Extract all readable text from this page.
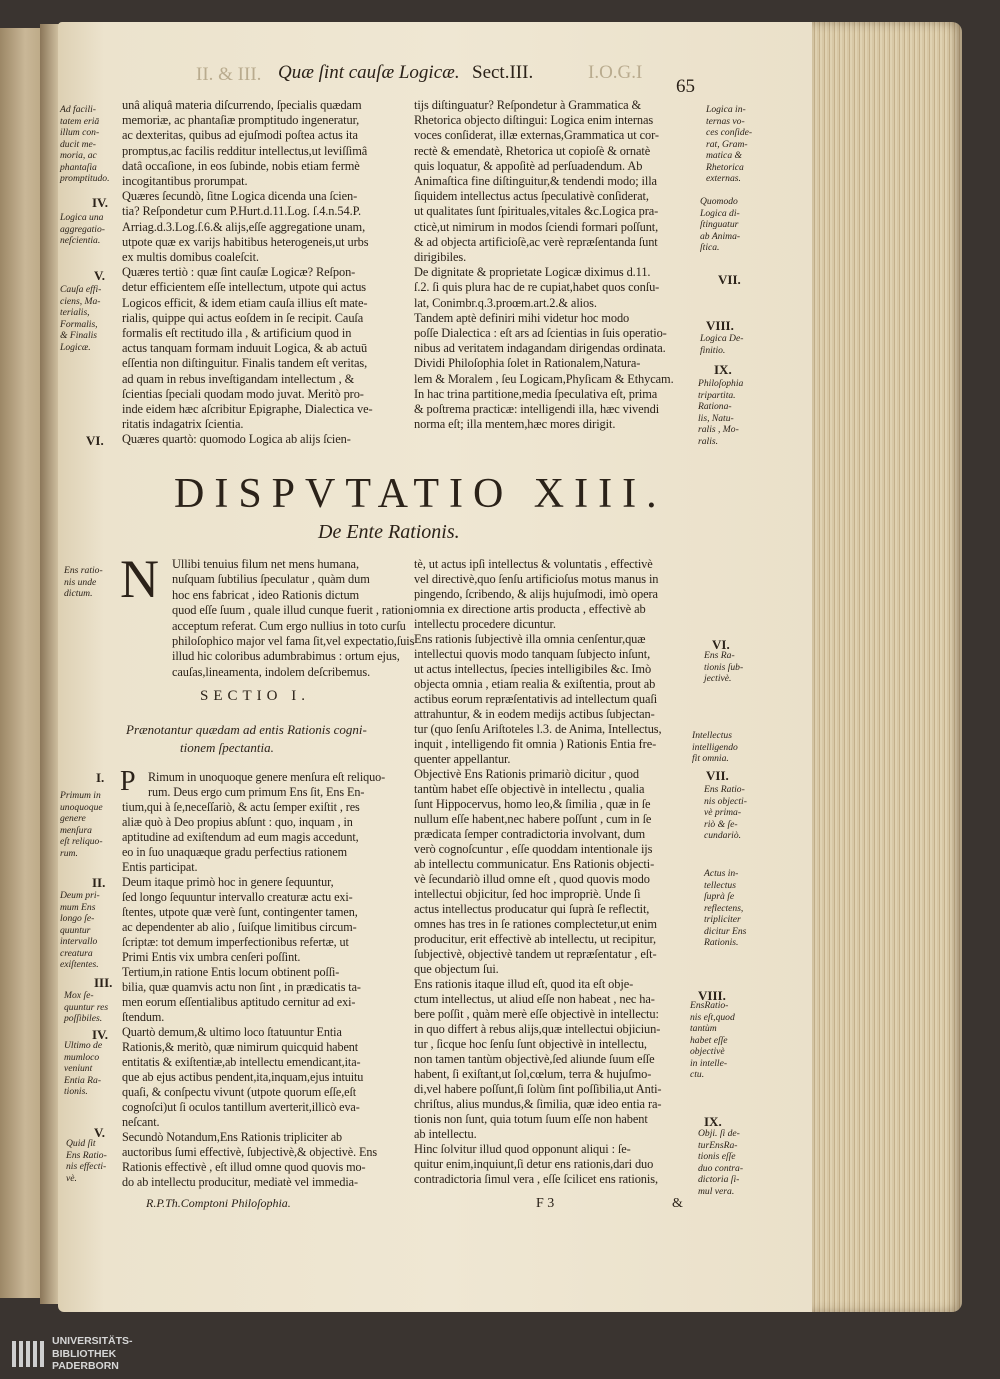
II. & III. Quæ ſint cauſæ Logicæ. Sect.III.	I.O.G.I
65
unâ aliquâ materia diſcurrendo, ſpecialis quædam
memoriæ, ac phantaſiæ promptitudo ingeneratur,
ac dexteritas, quibus ad ejuſmodi poſtea actus ita
promptus,ac facilis redditur intellectus,ut leviſſimâ
datâ occaſione, in eos ſubinde, nobis etiam fermè
incogitantibus prorumpat.
Quæres ſecundò, ſitne Logica dicenda una ſcien-
tia? Reſpondetur cum P.Hurt.d.11.Log. ſ.4.n.54.P.
Arriag.d.3.Log.ſ.6.& alijs,eſſe aggregatione unam,
utpote quæ ex varijs habitibus heterogeneis,ut urbs
ex multis domibus coaleſcit.
Quæres tertiò : quæ ſint cauſæ Logicæ? Reſpon-
detur efficientem eſſe intellectum, utpote qui actus
Logicos efficit, & idem etiam cauſa illius eſt mate-
rialis, quippe qui actus eoſdem in ſe recipit. Cauſa
formalis eſt rectitudo illa , & artificium quod in
actus tanquam formam induuit Logica, & ab actuū
eſſentia non diſtinguitur. Finalis tandem eſt veritas,
ad quam in rebus inveſtigandam intellectum , &
ſcientias ſpeciali quodam modo juvat. Meritò pro-
inde eidem hæc aſcribitur Epigraphe, Dialectica ve-
ritatis indagatrix ſcientia.
Quæres quartò: quomodo Logica ab alijs ſcien-
tijs diſtinguatur? Reſpondetur à Grammatica &
Rhetorica objecto diſtingui: Logica enim internas
voces conſiderat, illæ externas,Grammatica ut cor-
rectè & emendatè, Rhetorica ut copioſè & ornatè
quis loquatur, & appoſitè ad perſuadendum. Ab
Animaſtica fine diſtinguitur,& tendendi modo; illa
ſiquidem intellectus actus ſpeculativè conſiderat,
ut qualitates ſunt ſpirituales,vitales &c.Logica pra-
cticè,ut nimirum in modos ſciendi formari poſſunt,
& ad objecta artificioſè,ac verè repræſentanda ſunt
dirigibiles.
De dignitate & proprietate Logicæ diximus d.11.
ſ.2. ſi quis plura hac de re cupiat,habet quos conſu-
lat, Conimbr.q.3.proœm.art.2.& alios.
Tandem aptè definiri mihi videtur hoc modo
poſſe Dialectica : eſt ars ad ſcientias in ſuis operatio-
nibus ad veritatem indagandam dirigendas ordinata.
Dividi Philoſophia ſolet in Rationalem,Natura-
lem & Moralem , ſeu Logicam,Phyſicam & Ethycam.
In hac trina partitione,media ſpeculativa eſt, prima
& poſtrema practicæ: intelligendi illa, hæc vivendi
norma eſt; illa mentem,hæc mores dirigit.
DISPVTATIO XIII.
De Ente Rationis.
N Ullibi tenuius filum net mens humana,
nuſquam ſubtilius ſpeculatur , quàm dum
hoc ens fabricat , ideo Rationis dictum
quod eſſe ſuum , quale illud cunque fuerit , rationi
acceptum referat. Cum ergo nullius in toto curſu
philoſophico major vel fama ſit,vel expectatio,ſuis
illud hic coloribus adumbrabimus : ortum ejus,
cauſas,lineamenta, indolem deſcribemus.
SECTIO I.
Prænotantur quædam ad entis Rationis cogni-
tionem ſpectantia.
P Rimum in unoquoque genere menſura eſt reliquo-
rum. Deus ergo cum primum Ens ſit, Ens En-
tium,qui à ſe,neceſſariò, & actu ſemper exiſtit , res
aliæ quò à Deo propius abſunt : quo, inquam , in
aptitudine ad exiſtendum ad eum magis accedunt,
eo in ſuo unaquæque gradu perfectius rationem
Entis participat.
Deum itaque primò hoc in genere ſequuntur,
ſed longo ſequuntur intervallo creaturæ actu exi-
ſtentes, utpote quæ verè ſunt, contingenter tamen,
ac dependenter ab alio , ſuiſque limitibus circum-
ſcriptæ: tot demum imperfectionibus refertæ, ut
Primi Entis vix umbra cenſeri poſſint.
Tertium,in ratione Entis locum obtinent poſſi-
bilia, quæ quamvis actu non ſint , in prædicatis ta-
men eorum eſſentialibus aptitudo cernitur ad exi-
ſtendum.
Quartò demum,& ultimo loco ſtatuuntur Entia
Rationis,& meritò, quæ nimirum quicquid habent
entitatis & exiſtentiæ,ab intellectu emendicant,ita-
que ab ejus actibus pendent,ita,inquam,ejus intuitu
quaſi, & conſpectu vivunt (utpote quorum eſſe,eſt
cognoſci)ut ſi oculos tantillum averterit,illicò eva-
neſcant.
Secundò Notandum,Ens Rationis tripliciter ab
auctoribus ſumi effectivè, ſubjectivè,& objectivè. Ens
Rationis effectivè , eſt illud omne quod quovis mo-
do ab intellectu producitur, mediatè vel immedia-
tè, ut actus ipſi intellectus & voluntatis , effectivè
vel directivè,quo ſenſu artificioſus motus manus in
pingendo, ſcribendo, & alijs hujuſmodi, imò opera
omnia ex directione artis producta , effectivè ab
intellectu procedere dicuntur.
Ens rationis ſubjectivè illa omnia cenſentur,quæ
intellectui quovis modo tanquam ſubjecto inſunt,
ut actus intellectus, ſpecies intelligibiles &c. Imò
objecta omnia , etiam realia & exiſtentia, prout ab
actibus eorum repræſentativis ad intellectum quaſi
attrahuntur, & in eodem medijs actibus ſubjectan-
tur (quo ſenſu Ariſtoteles l.3. de Anima, Intellectus,
inquit , intelligendo fit omnia ) Rationis Entia fre-
quenter appellantur.
Objectivè Ens Rationis primariò dicitur , quod
tantùm habet eſſe objectivè in intellectu , qualia
ſunt Hippocervus, homo leo,& ſimilia , quæ in ſe
nullum eſſe habent,nec habere poſſunt , cum in ſe
prædicata ſemper contradictoria involvant, dum
verò cognoſcuntur , eſſe quoddam intentionale ijs
ab intellectu communicatur. Ens Rationis objecti-
vè ſecundariò illud omne eſt , quod quovis modo
intellectui objicitur, ſed hoc impropriè. Unde ſi
actus intellectus producatur qui ſuprà ſe reflectit,
omnes has tres in ſe rationes complectetur,ut enim
producitur, erit effectivè ab intellectu, ut recipitur,
ſubjectivè, objectivè tandem ut repræſentatur , eſt-
que objectum ſui.
Ens rationis itaque illud eſt, quod ita eſt obje-
ctum intellectus, ut aliud eſſe non habeat , nec ha-
bere poſſit , quàm merè eſſe objectivè in intellectu:
in quo differt à rebus alijs,quæ intellectui objiciun-
tur , ſicque hoc ſenſu ſunt objectivè in intellectu,
non tamen tantùm objectivè,ſed aliunde ſuum eſſe
habent, ſi exiſtant,ut ſol,cœlum, terra & hujuſmo-
di,vel habere poſſunt,ſi ſolùm ſint poſſibilia,ut Anti-
chriſtus, alius mundus,& ſimilia, quæ ideo entia ra-
tionis non ſunt, quia totum ſuum eſſe non habent
ab intellectu.
Hinc ſolvitur illud quod opponunt aliqui : ſe-
quitur enim,inquiunt,ſi detur ens rationis,dari duo
contradictoria ſimul vera , eſſe ſcilicet ens rationis,
Ad facili-
tatem eriā
illum con-
ducit me-
moria, ac
phantaſia
promptitudo.
Logica una
aggregatio-
neſcientia.
Cauſa effi-
ciens, Ma-
terialis,
Formalis,
& Finalis
Logicæ.
Ens ratio-
nis unde
dictum.
Primum in
unoquoque
genere
menſura
eſt reliquo-
rum.
Deum pri-
mum Ens
longo ſe-
quuntur
intervallo
creatura
exiſtentes.
Mox ſe-
quuntur res
poſſibiles.
Ultimo de
mumloco
veniunt
Entia Ra-
tionis.
Quid ſit
Ens Ratio-
nis effecti-
vè.
Logica in-
ternas vo-
ces conſide-
rat, Gram-
matica &
Rhetorica
externas.
Quomodo
Logica di-
ſtinguatur
ab Anima-
ſtica.
Logica De-
finitio.
Philoſophia
tripartita.
Rationa-
lis, Natu-
ralis , Mo-
ralis.
Ens Ra-
tionis ſub-
jectivè.
Intellectus
intelligendo
fit omnia.
Ens Ratio-
nis objecti-
vè prima-
riò & ſe-
cundariò.
Actus in-
tellectus
ſuprà ſe
reflectens,
tripliciter
dicitur Ens
Rationis.
EnsRatio-
nis eſt,quod
tantùm
habet eſſe
objectivè
in intelle-
ctu.
Obji. ſi de-
turEnsRa-
tionis eſſe
duo contra-
dictoria ſi-
mul vera.
IV.
V.
VI.
VII.
VIII.
IX.
I.
II.
III.
IV.
V.
VI.
VII.
VIII.
IX.
R.P.Th.Comptoni Philoſophia.	F 3	&
UNIVERSITÄTS-
BIBLIOTHEK
PADERBORN
